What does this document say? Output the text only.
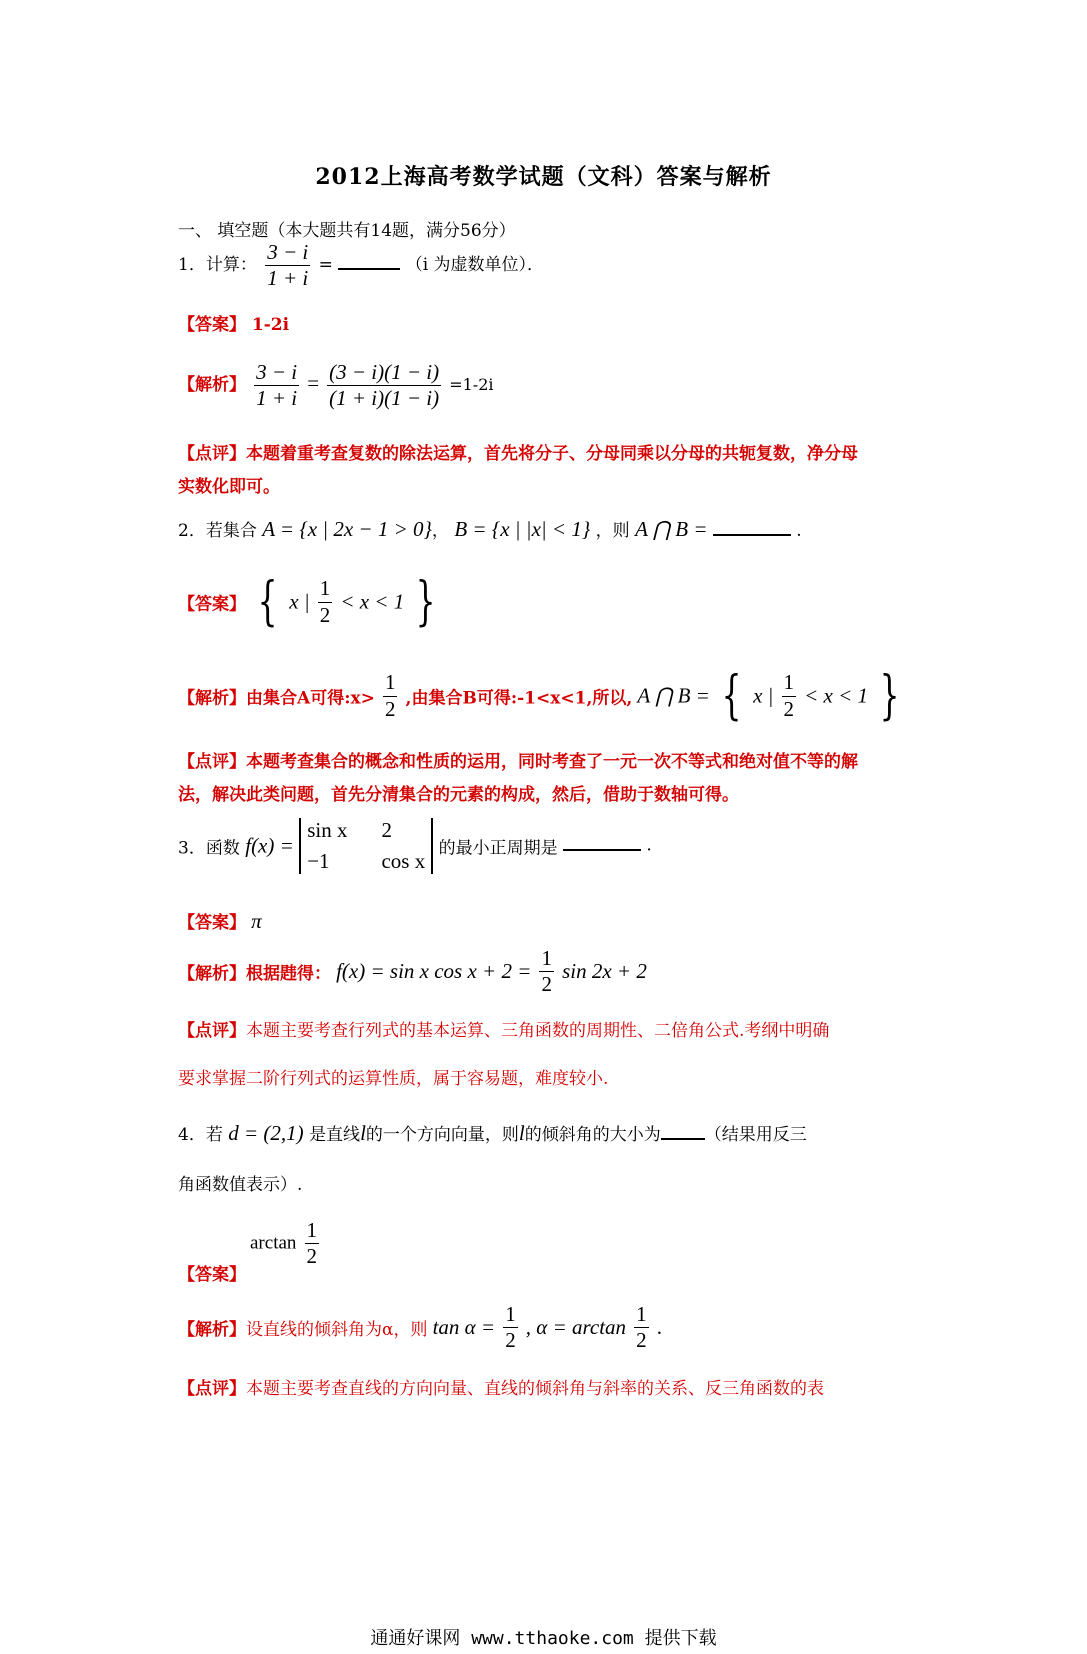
2012上海高考数学试题（文科）答案与解析
一、 填空题（本大题共有14题，满分56分）
1．计算： $\frac{3 - i}{1 + i}$ =	（i 为虚数单位）．
【答案】 1-2i
【解析】 $\frac{3 - i}{1 + i} = \frac{(3 - i)(1 - i)}{(1 + i)(1 - i)} =1-2i$
【点评】本题着重考查复数的除法运算，首先将分子、分母同乘以分母的共轭复数，净分母实数化即可。
2．若集合 A = {x | 2x − 1 > 0}， B = {x | |x| < 1} ，则 A ⋂ B =	.
【答案】 { x | $\frac{1}{2} < x < 1$ }
【解析】由集合A可得:x> $\frac{1}{2}$ ,由集合B可得:-1<x<1,所以, A ⋂ B = { x | $\frac{1}{2} < x < 1$ }
【点评】本题考查集合的概念和性质的运用，同时考查了一元一次不等式和绝对值不等的解法，解决此类问题，首先分清集合的元素的构成，然后，借助于数轴可得。
3．函数 f(x) =
sin x 2
−1	cos x
的最小正周期是	.
【答案】 π
【解析】根据韪得： f(x) = sin x $\cos x + 2 = \frac{1}{2}$ sin 2x + 2
【点评】本题主要考查行列式的基本运算、三角函数的周期性、二倍角公式.考纲中明确
要求掌握二阶行列式的运算性质，属于容易题，难度较小.
4．若 d = (2,1) 是直线l的一个方向向量，则l的倾斜角的大小为	（结果用反三
角函数值表示）.
$\arctan \frac{1}{2}$
【答案】
【解析】设直线的倾斜角为α，则 $\tan \alpha = \frac{1}{2}$ , $\alpha = \arctan \frac{1}{2}$ .
【点评】本题主要考查直线的方向向量、直线的倾斜角与斜率的关系、反三角函数的表
通通好课网 www.tthaoke.com 提供下载
